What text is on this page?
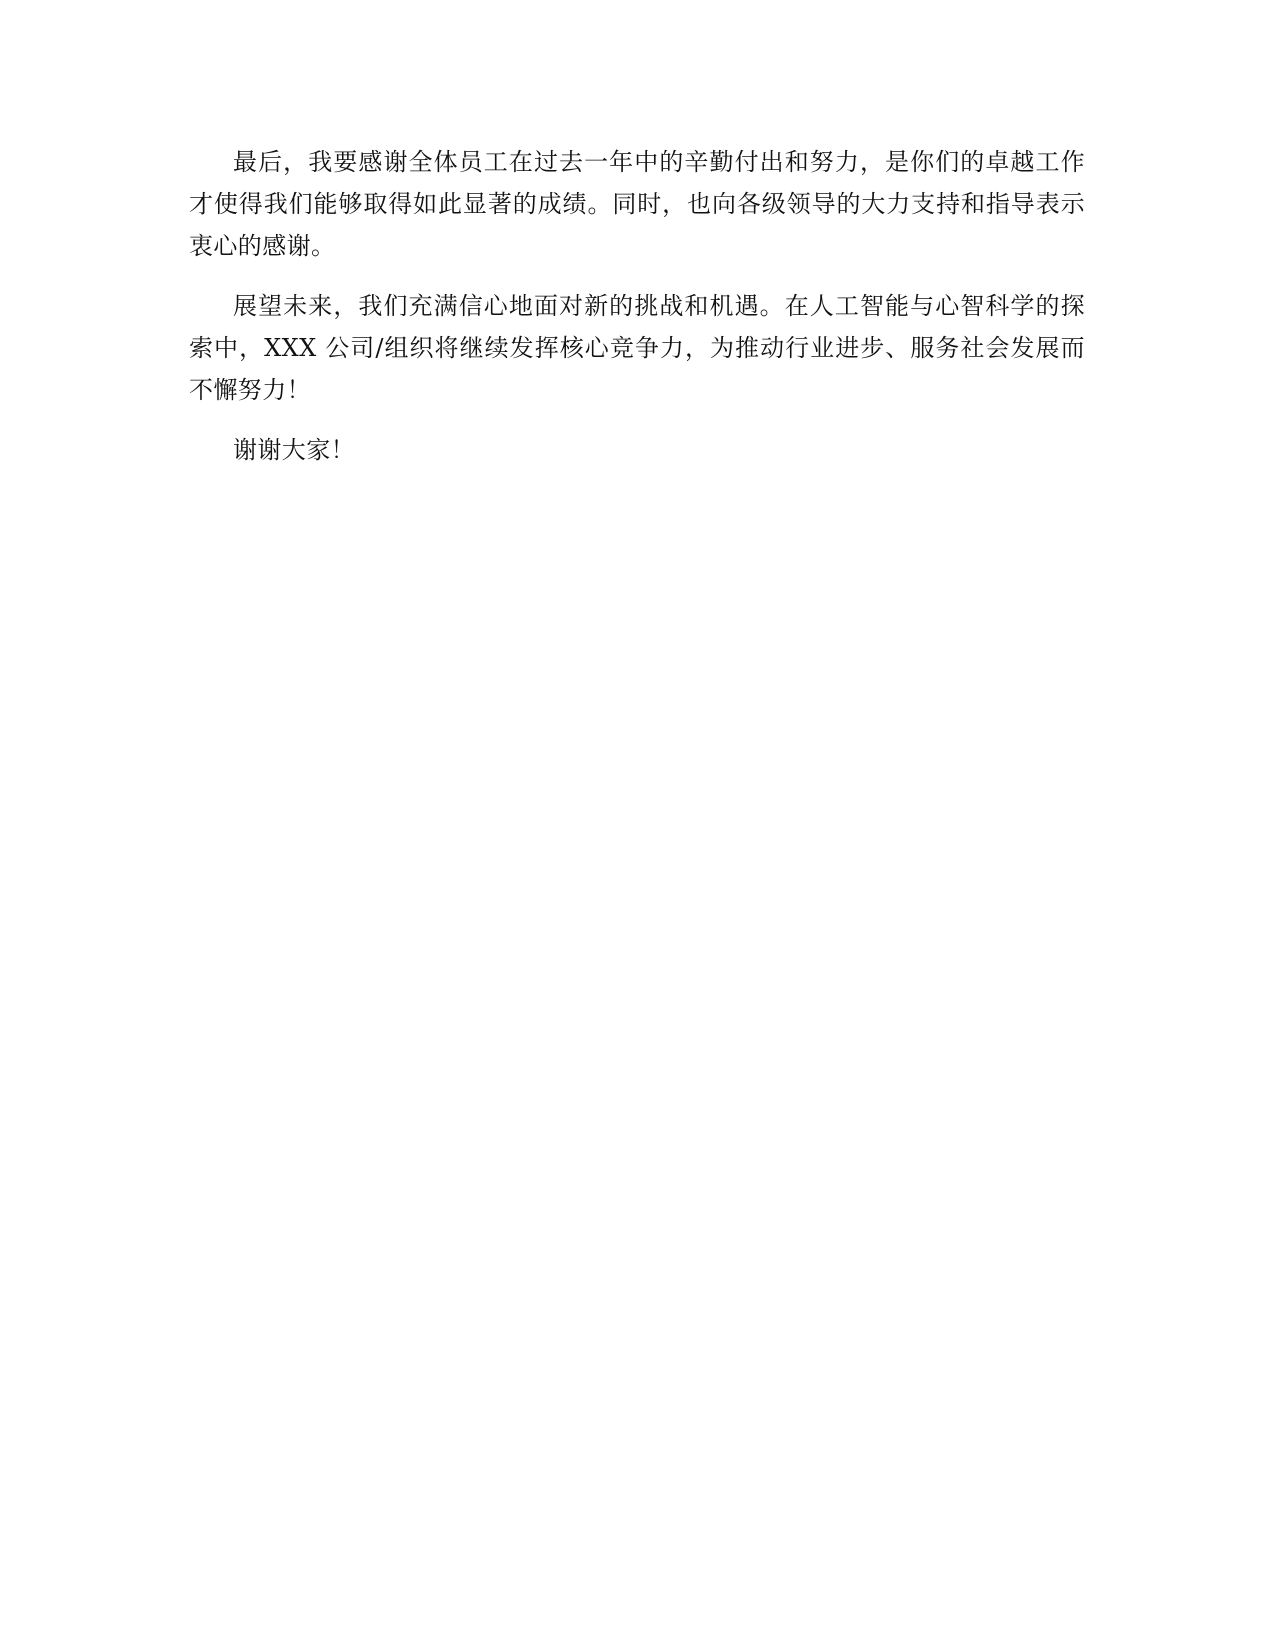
最后，我要感谢全体员工在过去一年中的辛勤付出和努力，是你们的卓越工作才使得我们能够取得如此显著的成绩。同时，也向各级领导的大力支持和指导表示衷心的感谢。

展望未来，我们充满信心地面对新的挑战和机遇。在人工智能与心智科学的探索中，XXX 公司/组织将继续发挥核心竞争力，为推动行业进步、服务社会发展而不懈努力！

谢谢大家！
